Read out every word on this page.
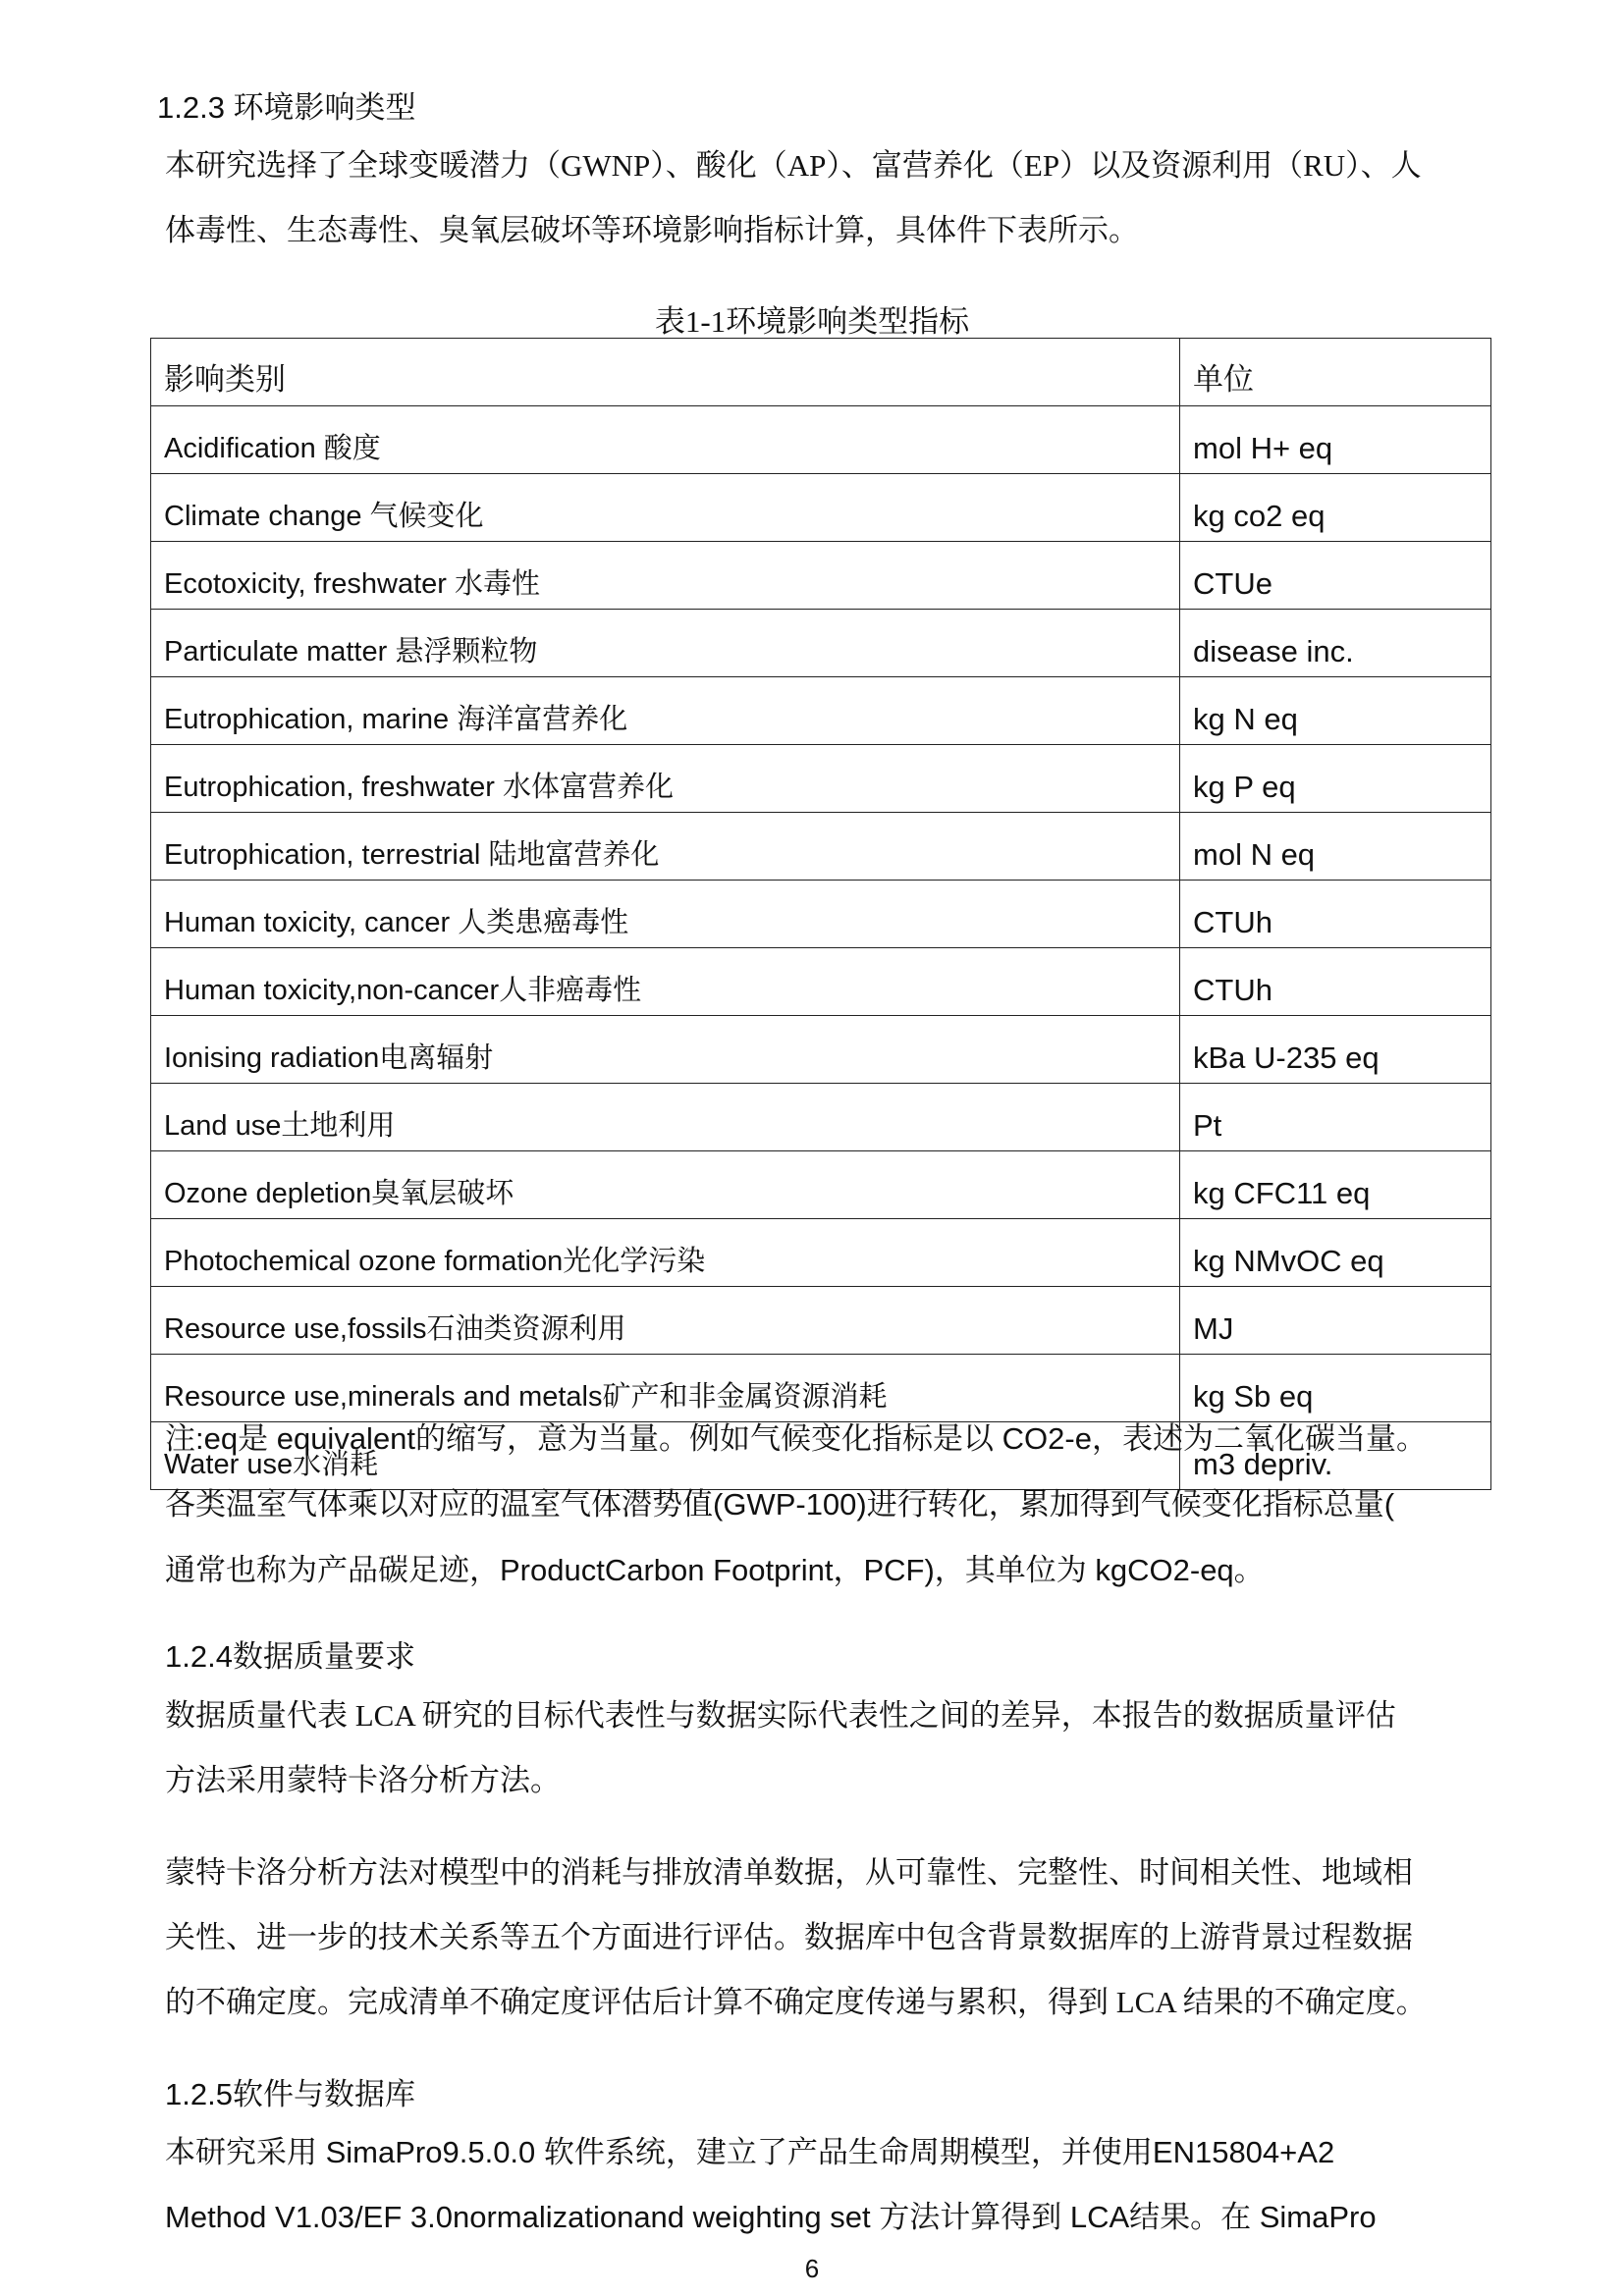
1.2.3 环境影响类型
本研究选择了全球变暖潜力（GWNP）、酸化（AP）、富营养化（EP）以及资源利用（RU）、人
体毒性、生态毒性、臭氧层破坏等环境影响指标计算，具体件下表所示。
表1-1环境影响类型指标
影响类别	单位
Acidification 酸度	mol H+ eq
Climate change 气候变化	kg co2 eq
Ecotoxicity, freshwater 水毒性	CTUe
Particulate matter 悬浮颗粒物	disease inc.
Eutrophication, marine 海洋富营养化	kg N eq
Eutrophication, freshwater 水体富营养化	kg P eq
Eutrophication, terrestrial 陆地富营养化	mol N eq
Human toxicity, cancer 人类患癌毒性	CTUh
Human toxicity,non-cancer人非癌毒性	CTUh
Ionising radiation电离辐射	kBa U-235 eq
Land use土地利用	Pt
Ozone depletion臭氧层破坏	kg CFC11 eq
Photochemical ozone formation光化学污染	kg NMvOC eq
Resource use,fossils石油类资源利用	MJ
Resource use,minerals and metals矿产和非金属资源消耗	kg Sb eq
Water use水消耗	m3 depriv.
注:eq是 equivalent的缩写，意为当量。例如气候变化指标是以 CO2-e，表述为二氧化碳当量。
各类温室气体乘以对应的温室气体潜势值(GWP-100)进行转化，累加得到气候变化指标总量(
通常也称为产品碳足迹，ProductCarbon Footprint，PCF)，其单位为 kgCO2-eq。
1.2.4数据质量要求
数据质量代表 LCA 研究的目标代表性与数据实际代表性之间的差异，本报告的数据质量评估
方法采用蒙特卡洛分析方法。
蒙特卡洛分析方法对模型中的消耗与排放清单数据，从可靠性、完整性、时间相关性、地域相
关性、进一步的技术关系等五个方面进行评估。数据库中包含背景数据库的上游背景过程数据
的不确定度。完成清单不确定度评估后计算不确定度传递与累积，得到 LCA 结果的不确定度。
1.2.5软件与数据库
本研究采用 SimaPro9.5.0.0 软件系统，建立了产品生命周期模型，并使用EN15804+A2
Method V1.03/EF 3.0normalizationand weighting set 方法计算得到 LCA结果。在 SimaPro
6
